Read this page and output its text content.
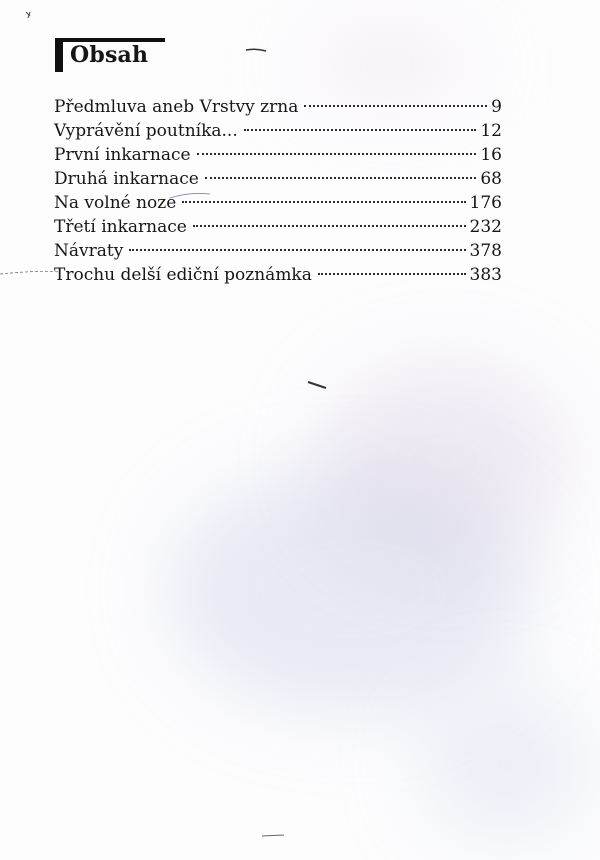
Obsah
Předmluva aneb Vrstvy zrna	9
Vyprávění poutníka...	12
První inkarnace	16
Druhá inkarnace	68
Na volné noze	176
Třetí inkarnace	232
Návraty	378
Trochu delší ediční poznámka	383
